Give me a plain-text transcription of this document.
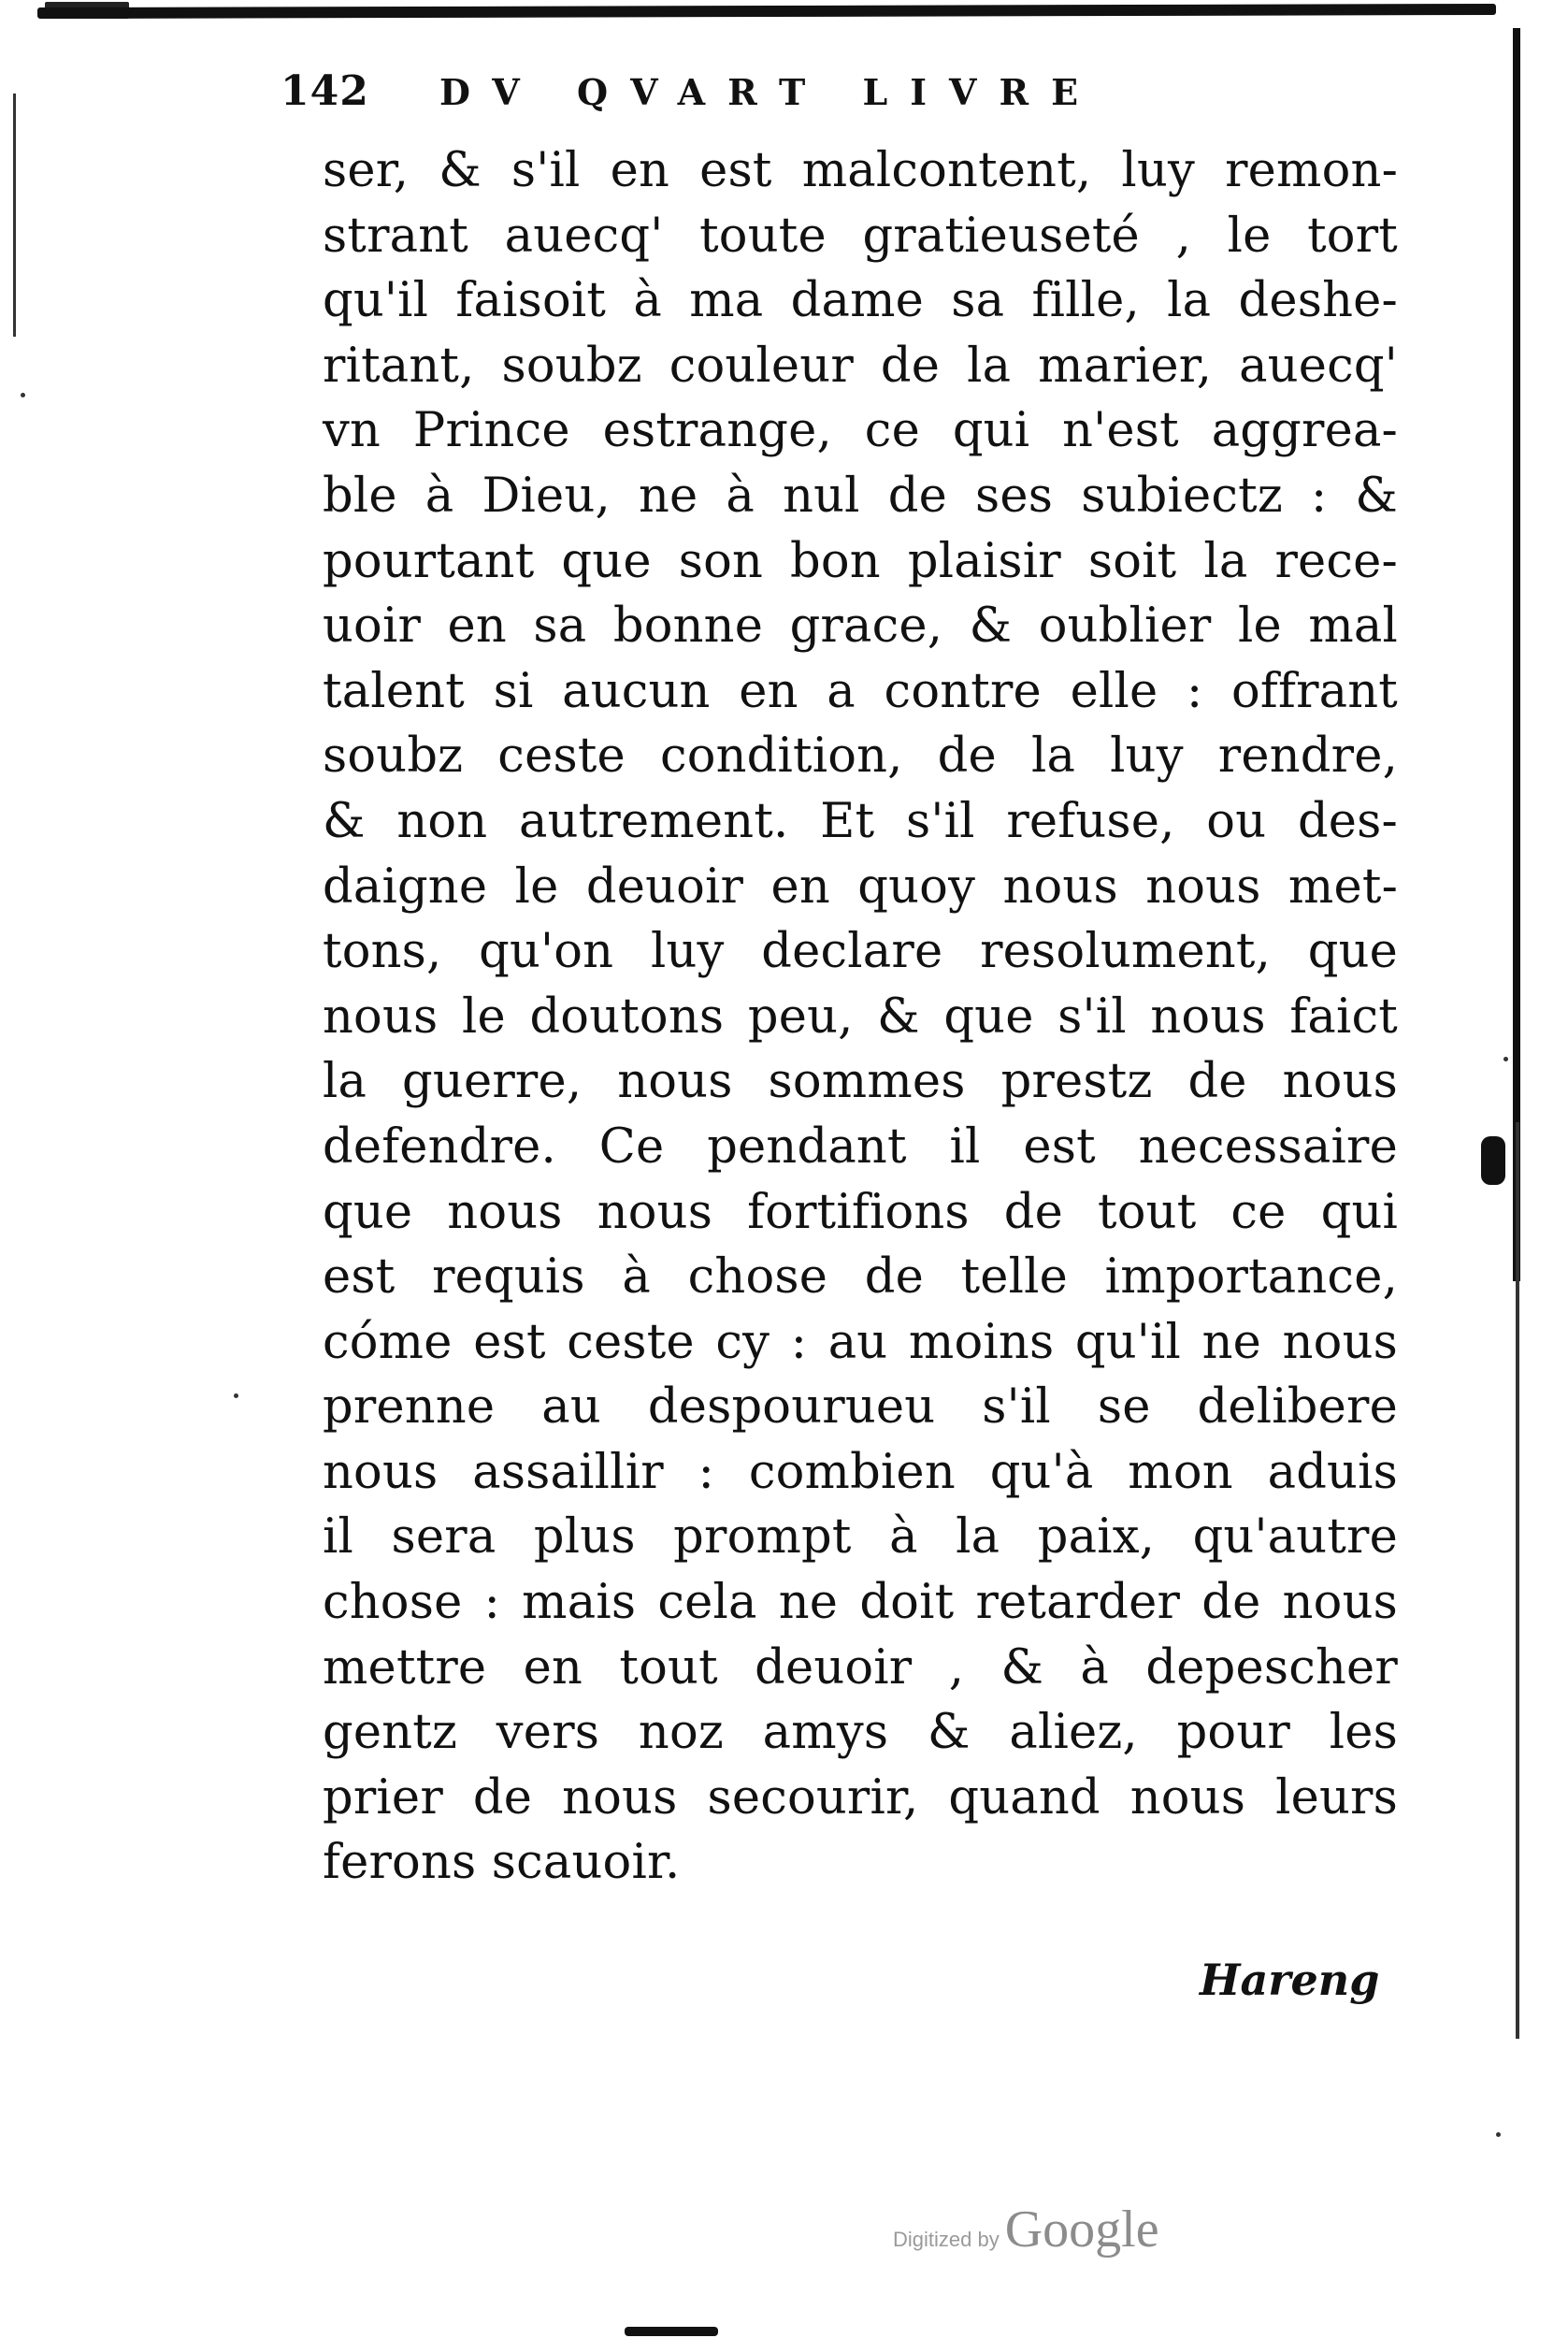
142	DV QVART LIVRE
ser, & s'il en est malcontent, luy remon-
strant auecq' toute gratieuseté , le tort
qu'il faisoit à ma dame sa fille, la deshe-
ritant, soubz couleur de la marier, auecq'
vn Prince estrange, ce qui n'est aggrea-
ble à Dieu, ne à nul de ses subiectz : &
pourtant que son bon plaisir soit la rece-
uoir en sa bonne grace, & oublier le mal
talent si aucun en a contre elle : offrant
soubz ceste condition, de la luy rendre,
& non autrement. Et s'il refuse, ou des-
daigne le deuoir en quoy nous nous met-
tons, qu'on luy declare resolument, que
nous le doutons peu, & que s'il nous faict
la guerre, nous sommes prestz de nous
defendre. Ce pendant il est necessaire
que nous nous fortifions de tout ce qui
est requis à chose de telle importance,
cóme est ceste cy : au moins qu'il ne nous
prenne au despourueu s'il se delibere
nous assaillir : combien qu'à mon aduis
il sera plus prompt à la paix, qu'autre
chose : mais cela ne doit retarder de nous
mettre en tout deuoir , & à depescher
gentz vers noz amys & aliez, pour les
prier de nous secourir, quand nous leurs
ferons scauoir.
Hareng
Digitized by Google
